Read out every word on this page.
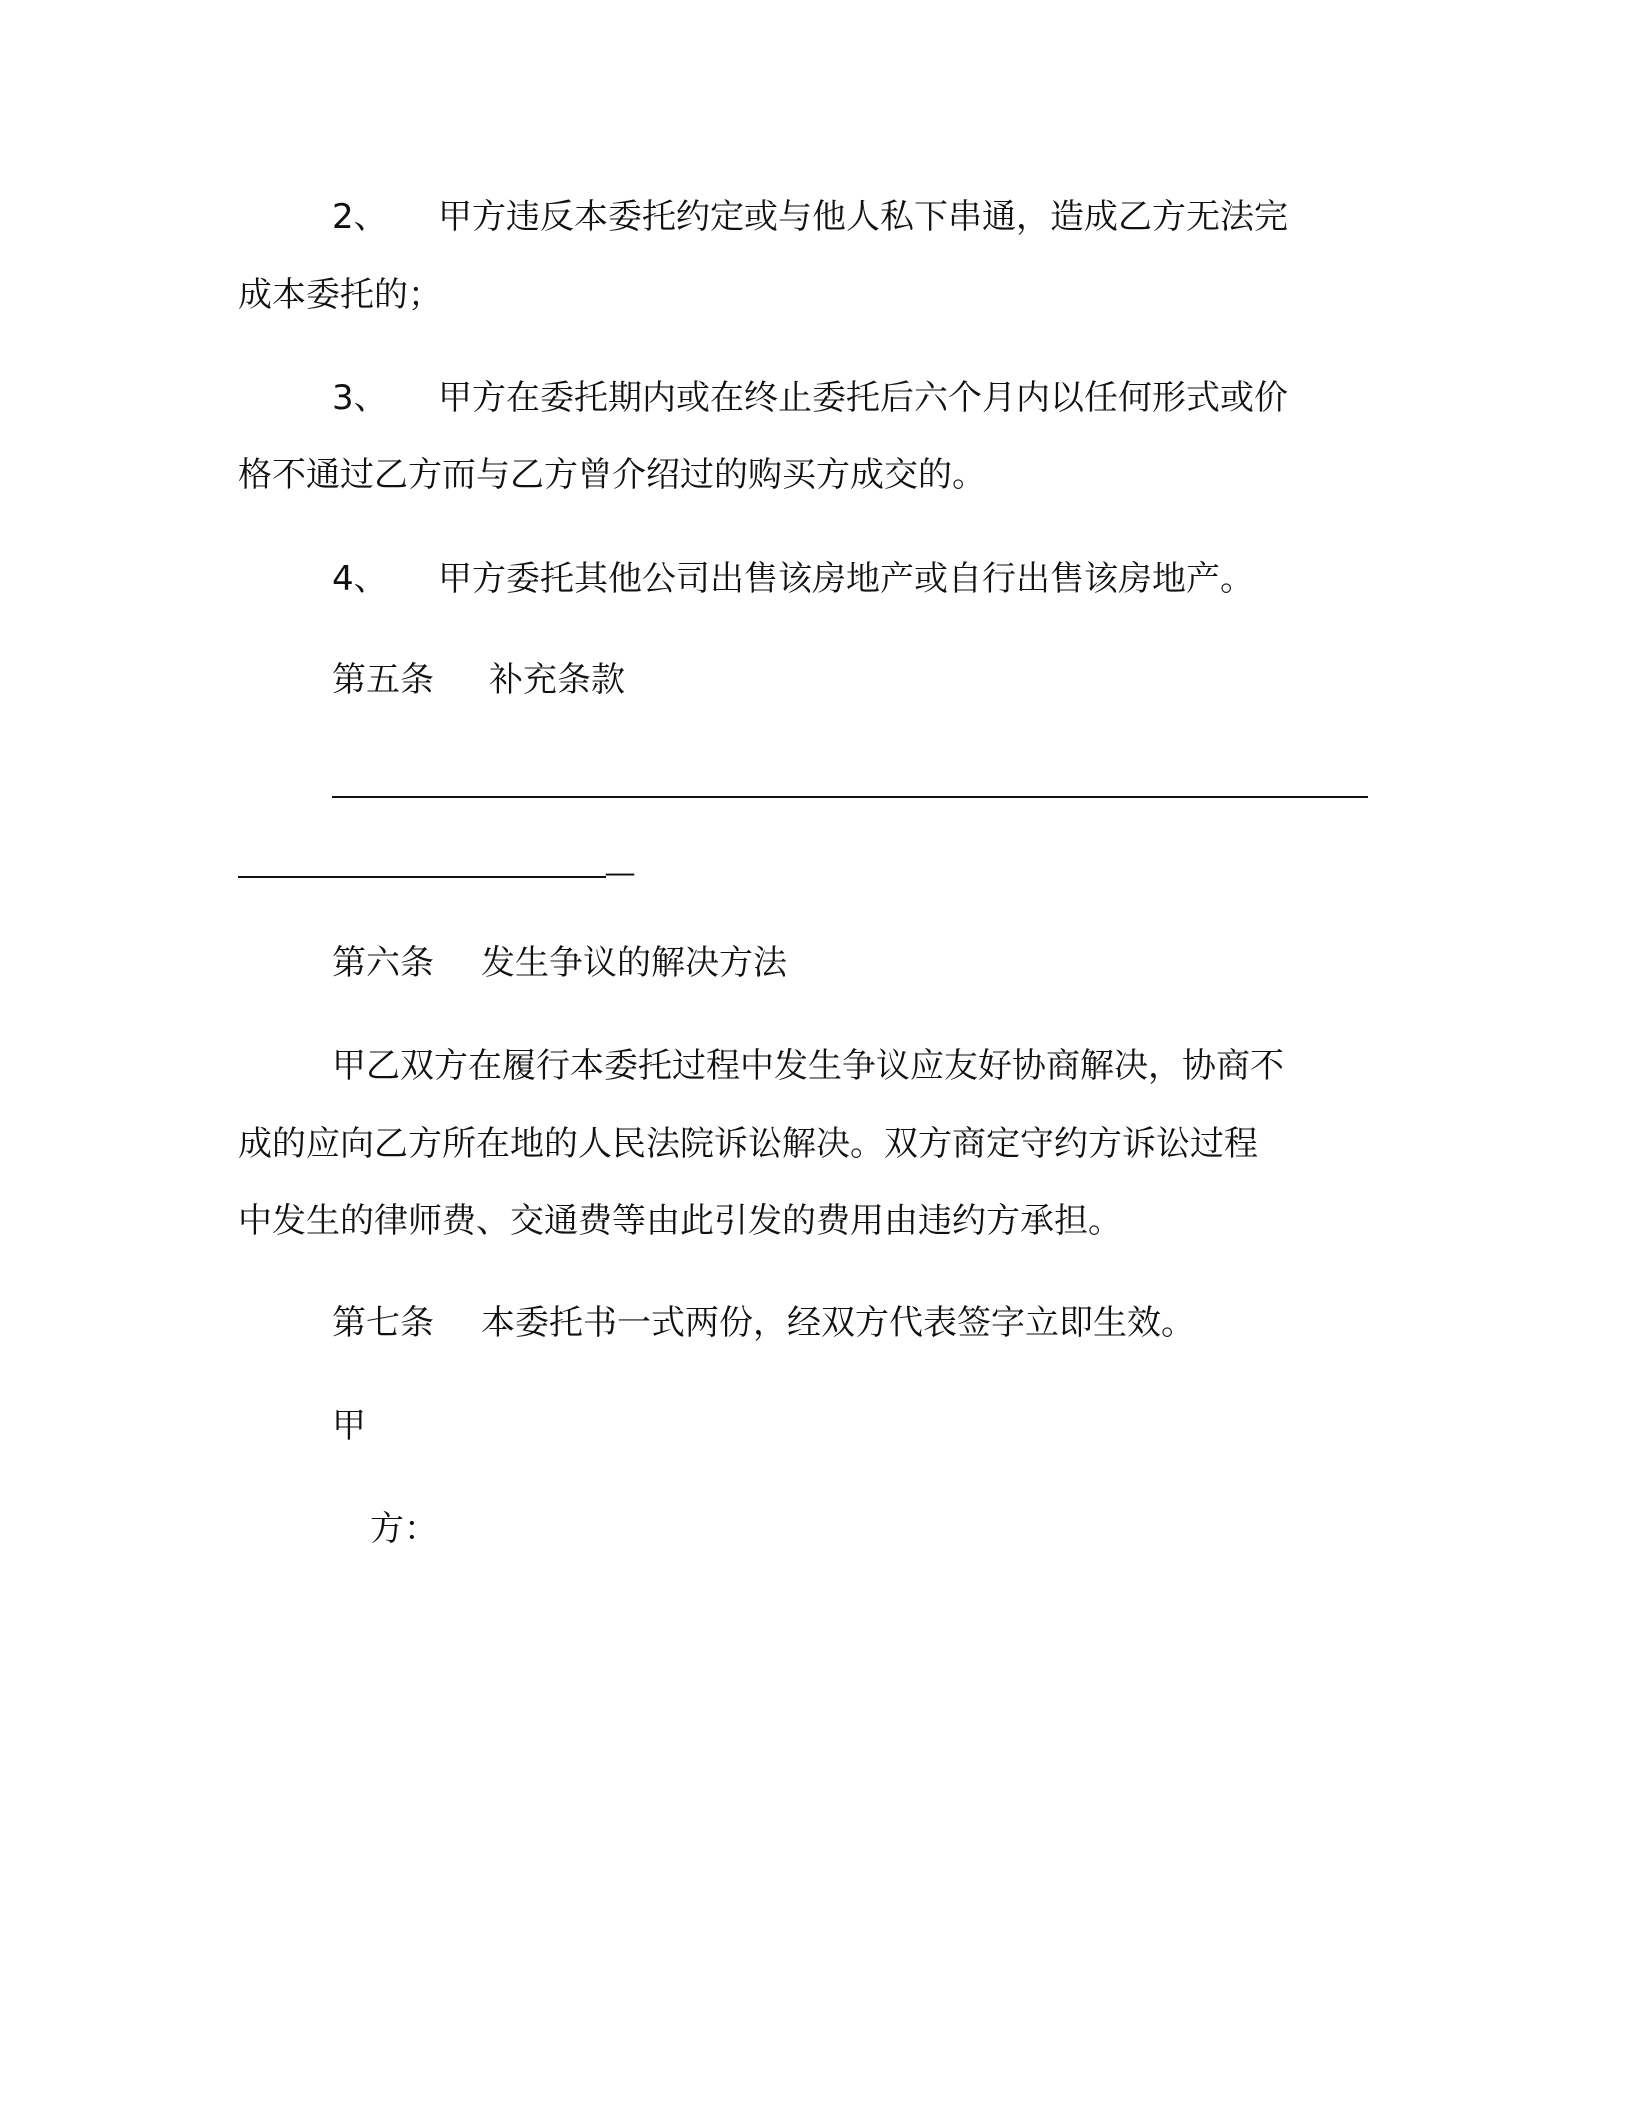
2、 甲方违反本委托约定或与他人私下串通，造成乙方无法完
成本委托的；
3、 甲方在委托期内或在终止委托后六个月内以任何形式或价
格不通过乙方而与乙方曾介绍过的购买方成交的。
4、 甲方委托其他公司出售该房地产或自行出售该房地产。
第五条 补充条款
__
第六条 发生争议的解决方法
甲乙双方在履行本委托过程中发生争议应友好协商解决，协商不
成的应向乙方所在地的人民法院诉讼解决。双方商定守约方诉讼过程
中发生的律师费、交通费等由此引发的费用由违约方承担。
第七条 本委托书一式两份，经双方代表签字立即生效。
甲
方：
